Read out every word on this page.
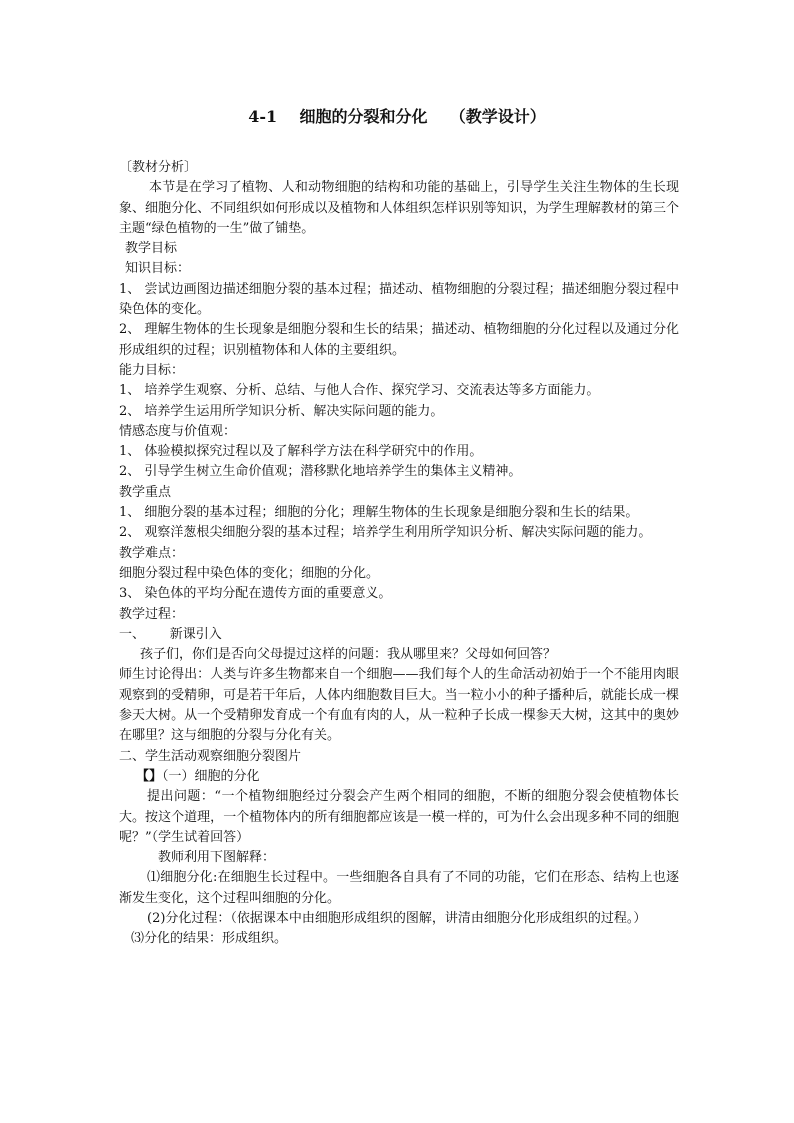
4-1    细胞的分裂和分化    （教学设计）

〔教材分析〕

本节是在学习了植物、人和动物细胞的结构和功能的基础上，引导学生关注生物体的生长现象、细胞分化、不同组织如何形成以及植物和人体组织怎样识别等知识，为学生理解教材的第三个主题“绿色植物的一生”做了铺垫。

教学目标

知识目标：

1、 尝试边画图边描述细胞分裂的基本过程；描述动、植物细胞的分裂过程；描述细胞分裂过程中染色体的变化。

2、 理解生物体的生长现象是细胞分裂和生长的结果；描述动、植物细胞的分化过程以及通过分化形成组织的过程；识别植物体和人体的主要组织。

能力目标：

1、 培养学生观察、分析、总结、与他人合作、探究学习、交流表达等多方面能力。

2、 培养学生运用所学知识分析、解决实际问题的能力。

情感态度与价值观：

1、 体验模拟探究过程以及了解科学方法在科学研究中的作用。

2、 引导学生树立生命价值观；潜移默化地培养学生的集体主义精神。

教学重点

1、 细胞分裂的基本过程；细胞的分化；理解生物体的生长现象是细胞分裂和生长的结果。

2、 观察洋葱根尖细胞分裂的基本过程；培养学生利用所学知识分析、解决实际问题的能力。

教学难点：

细胞分裂过程中染色体的变化；细胞的分化。

3、 染色体的平均分配在遗传方面的重要意义。

教学过程：

一、      新课引入

孩子们，你们是否向父母提过这样的问题：我从哪里来？父母如何回答？

师生讨论得出：人类与许多生物都来自一个细胞——我们每个人的生命活动初始于一个不能用肉眼观察到的受精卵，可是若干年后，人体内细胞数目巨大。当一粒小小的种子播种后，就能长成一棵参天大树。从一个受精卵发育成一个有血有肉的人，从一粒种子长成一棵参天大树，这其中的奥妙在哪里？这与细胞的分裂与分化有关。

二、学生活动观察细胞分裂图片

【】（一）细胞的分化

提出问题：“一个植物细胞经过分裂会产生两个相同的细胞，不断的细胞分裂会使植物体长大。按这个道理，一个植物体内的所有细胞都应该是一模一样的，可为什么会出现多种不同的细胞呢？”（学生试着回答）

教师利用下图解释：

⑴细胞分化:在细胞生长过程中。一些细胞各自具有了不同的功能，它们在形态、结构上也逐渐发生变化，这个过程叫细胞的分化。

(2)分化过程：（依据课本中由细胞形成组织的图解，讲清由细胞分化形成组织的过程。）

⑶分化的结果：形成组织。
